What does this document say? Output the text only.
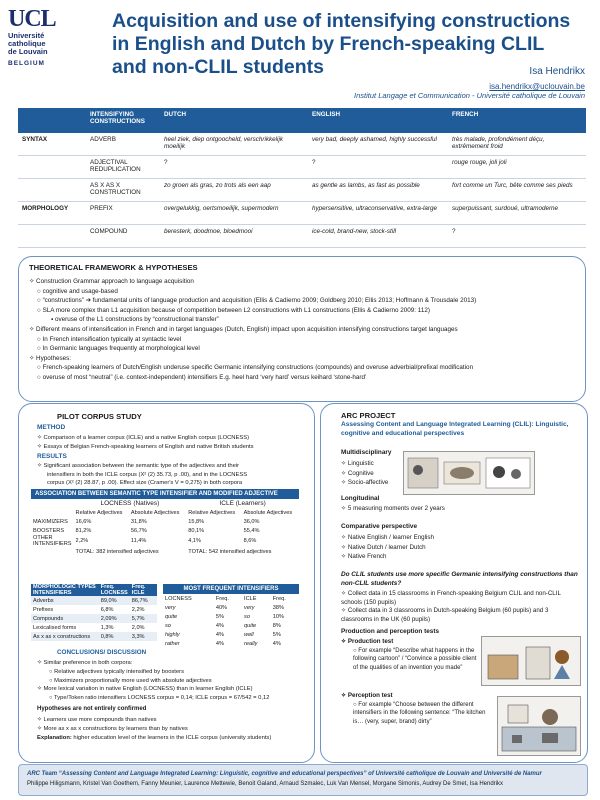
UCL
Université
catholique
de Louvain
BELGIUM
Acquisition and use of intensifying constructions in English and Dutch by French-speaking CLIL and non-CLIL students	Isa Hendrikx
isa.hendrikx@uclouvain.be
Institut Langage et Communication - Université catholique de Louvain
	INTENSIFYING CONSTRUCTIONS	DUTCH	ENGLISH	FRENCH
SYNTAX	ADVERB	heel ziek, diep ontgoocheld, verschrikkelijk moeilijk	very bad, deeply ashamed, highly successful	très malade, profondément déçu, extrêmement froid
	ADJECTIVAL REDUPLICATION	?	?	rouge rouge, joli joli
	AS X AS X CONSTRUCTION	zo groen als gras, zo trots als een aap	as gentle as lambs, as fast as possible	fort comme un Turc, bête comme ses pieds
MORPHOLOGY	PREFIX	overgelukkig, oertsmoeilijk, supermodern	hypersensitive, ultraconservative, extra-large	superpuissant, surdoué, ultramoderne
	COMPOUND	beresterk, doodmoe, bloedmooi	ice-cold, brand-new, stock-still	?
THEORETICAL FRAMEWORK & HYPOTHESES
✧ Construction Grammar approach to language acquisition
○ cognitive and usage-based
○ “constructions” ➔ fundamental units of language production and acquisition (Ellis & Cadierno 2009; Goldberg 2010; Ellis 2013; Hoffmann & Trousdale 2013)
○ SLA more complex than L1 acquisition because of competition between L2 constructions with L1 constructions (Ellis & Cadierno 2009: 112)
▪ overuse of the L1 constructions by “constructional transfer”
✧ Different means of intensification in French and in target languages (Dutch, English) impact upon acquisition intensifying constructions target languages
○ In French intensification typically at syntactic level
○ In Germanic languages frequently at morphological level
✧ Hypotheses:
○ French-speaking learners of Dutch/English underuse specific Germanic intensifying constructions (compounds) and overuse adverbial/prefixal modification
○ overuse of most “neutral” (i.e. context-independent) intensifiers E.g. heel hard ‘very hard’ versus keihard ‘stone-hard’
PILOT CORPUS STUDY
METHOD
✧ Comparison of a learner corpus (ICLE) and a native English corpus (LOCNESS)
✧ Essays of Belgian French-speaking learners of English and native British students
RESULTS
✧ Significant association between the semantic type of the adjectives and their
intensifiers in both the ICLE corpus (X² (2) 35.73, p .00), and in the LOCNESS
corpus (X² (2) 28.87, p .00). Effect size (Cramer's V = 0,275) in both corpora
ASSOCIATION BETWEEN SEMANTIC TYPE INTENSIFIER AND MODIFIED ADJECTIVE
	LOCNESS (Natives)		ICLE (Learners)	
	Relative Adjectives	Absolute Adjectives	Relative Adjectives	Absolute Adjectives
MAXIMIZERS	16,6%	31,8%	15,8%	36,0%
BOOSTERS	81,2%	56,7%	80,1%	55,4%
OTHER INTENSIFIERS	2,2%	11,4%	4,1%	8,6%
	TOTAL: 382 intensified adjectives		TOTAL: 542 intensified adjectives	
MORPHOLOGIC TYPES INTENSIFIERS	Freq. LOCNESS	Freq. ICLE
Adverbs	89,0%	86,7%
Prefixes	6,8%	2,2%
Compounds	2,09%	5,7%
Lexicalised forms	1,3%	2,0%
As x as x constructions	0,8%	3,3%
MOST FREQUENT INTENSIFIERS
LOCNESS	Freq.	ICLE	Freq.
very	40%	very	38%
quite	5%	so	10%
so	4%	quite	8%
highly	4%	well	5%
rather	4%	really	4%
CONCLUSIONS/ DISCUSSION
✧ Similar preference in both corpora:
○ Relative adjectives typically intensified by boosters
○ Maximizers proportionally more used with absolute adjectives
✧ More lexical variation in native English (LOCNESS) than in learner English (ICLE)
○ Type/Token ratio intensifiers LOCNESS corpus = 0,14; ICLE corpus = 67/542 = 0,12
Hypotheses are not entirely confirmed
✧ Learners use more compounds than natives
✧ More as x as x constructions by learners than by natives
Explanation: higher education level of the learners in the ICLE corpus (university students)
ARC PROJECT
Assessing Content and Language Integrated Learning (CLIL): Linguistic, cognitive and educational perspectives
Multidisciplinary
✧ Linguistic
✧ Cognitive
✧ Socio-affective
Longitudinal
✧ 5 measuring moments over 2 years
Comparative perspective
✧ Native English / learner English
✧ Native Dutch / learner Dutch
✧ Native French
Do CLIL students use more specific Germanic intensifying constructions than non-CLIL students?
✧ Collect data in 15 classrooms in French-speaking Belgium CLIL and non-CLIL schools (150 pupils)
✧ Collect data in 3 classrooms in Dutch-speaking Belgium (60 pupils) and 3 classrooms in the UK (60 pupils)
Production and perception tests
✧ Production test
○ For example “Describe what happens in the following cartoon” / “Convince a possible client of the qualities of an invention you made”
✧ Perception test
○ For example “Choose between the different intensifiers in the following sentence: “The kitchen is… (very, super, brand) dirty”
ARC Team “Assessing Content and Language Integrated Learning: Linguistic, cognitive and educational perspectives” of Université catholique de Louvain and Université de Namur
Philippe Hiligsmann, Kristel Van Goethem, Fanny Meunier, Laurence Mettewie, Benoit Galand, Arnaud Szmalec, Luk Van Mensel, Morgane Simonis, Audrey De Smet, Isa Hendrikx
